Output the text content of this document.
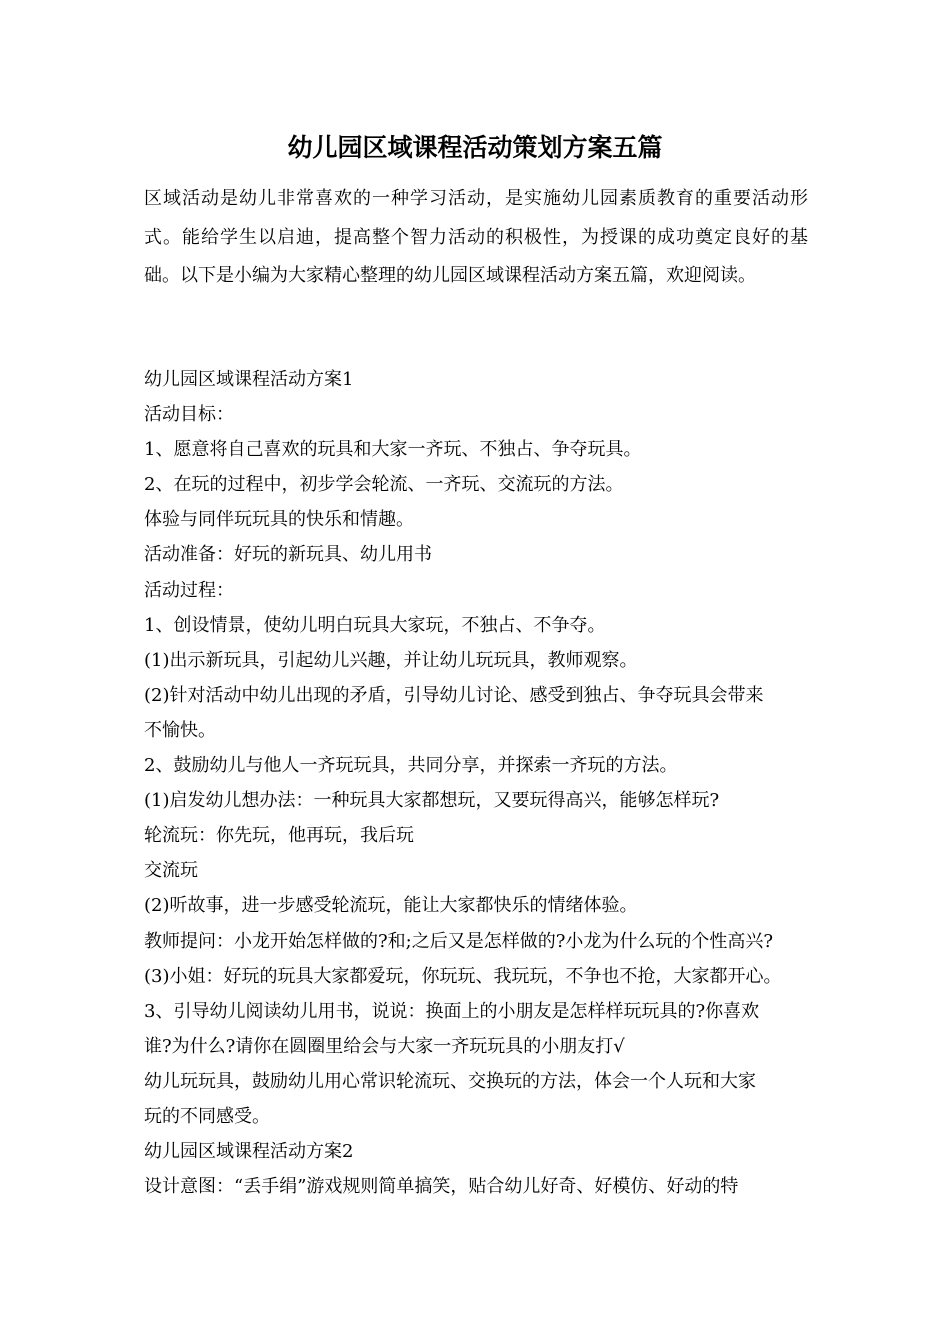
幼儿园区域课程活动策划方案五篇

区域活动是幼儿非常喜欢的一种学习活动，是实施幼儿园素质教育的重要活动形式。能给学生以启迪，提高整个智力活动的积极性，为授课的成功奠定良好的基础。以下是小编为大家精心整理的幼儿园区域课程活动方案五篇，欢迎阅读。

幼儿园区域课程活动方案1
活动目标：
1、愿意将自己喜欢的玩具和大家一齐玩、不独占、争夺玩具。
2、在玩的过程中，初步学会轮流、一齐玩、交流玩的方法。
体验与同伴玩玩具的快乐和情趣。
活动准备：好玩的新玩具、幼儿用书
活动过程：
1、创设情景，使幼儿明白玩具大家玩，不独占、不争夺。
(1)出示新玩具，引起幼儿兴趣，并让幼儿玩玩具，教师观察。
(2)针对活动中幼儿出现的矛盾，引导幼儿讨论、感受到独占、争夺玩具会带来
不愉快。
2、鼓励幼儿与他人一齐玩玩具，共同分享，并探索一齐玩的方法。
(1)启发幼儿想办法：一种玩具大家都想玩，又要玩得高兴，能够怎样玩?
轮流玩：你先玩，他再玩，我后玩
交流玩
(2)听故事，进一步感受轮流玩，能让大家都快乐的情绪体验。
教师提问：小龙开始怎样做的?和;之后又是怎样做的?小龙为什么玩的个性高兴?
(3)小姐：好玩的玩具大家都爱玩，你玩玩、我玩玩，不争也不抢，大家都开心。
3、引导幼儿阅读幼儿用书，说说：换面上的小朋友是怎样样玩玩具的?你喜欢
谁?为什么?请你在圆圈里给会与大家一齐玩玩具的小朋友打√
幼儿玩玩具，鼓励幼儿用心常识轮流玩、交换玩的方法，体会一个人玩和大家
玩的不同感受。
幼儿园区域课程活动方案2
设计意图：“丢手绢”游戏规则简单搞笑，贴合幼儿好奇、好模仿、好动的特
